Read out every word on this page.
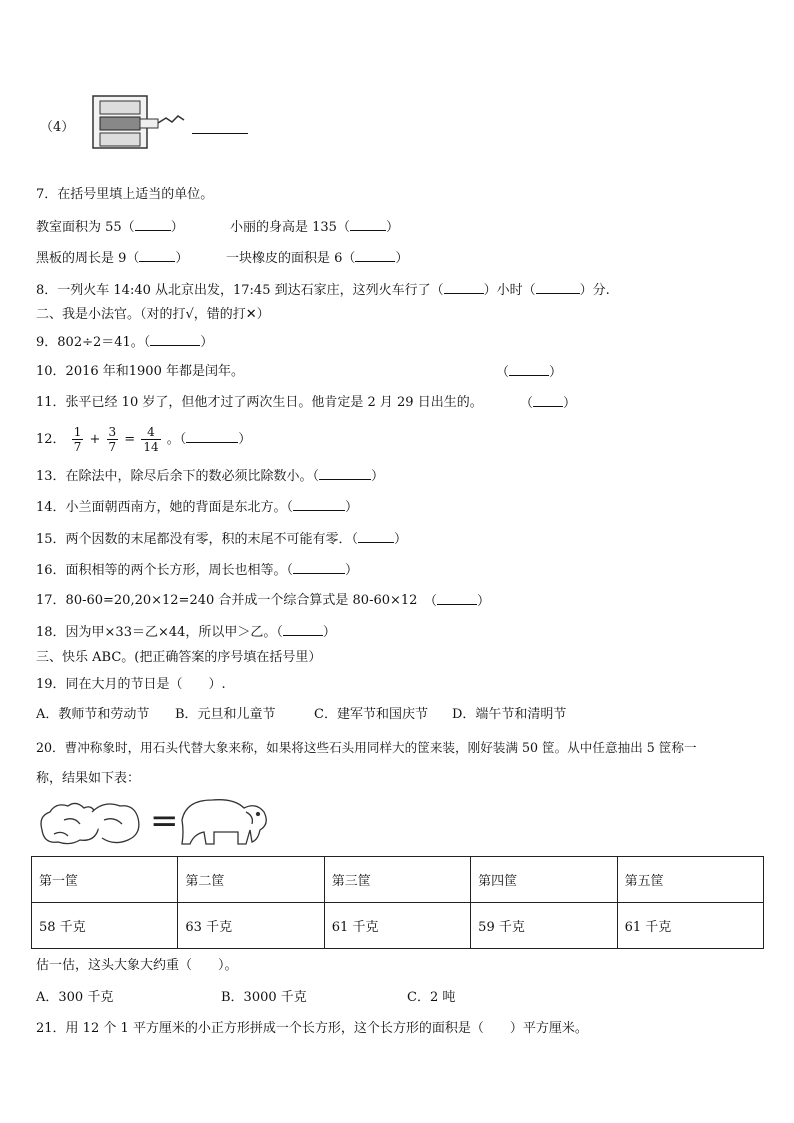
（4）
7．在括号里填上适当的单位。
教室面积为 55（	）	小丽的身高是 135（	）
黑板的周长是 9（	）	一块橡皮的面积是 6（	）
8．一列火车 14:40 从北京出发，17:45 到达石家庄，这列火车行了（	）小时（	）分.
二、我是小法官。（对的打√，错的打✕）
9．802÷2＝41。（	）
10．2016 年和1900 年都是闰年。	（	）
11．张平已经 10 岁了，但他才过了两次生日。他肯定是 2 月 29 日出生的。	（ ）
12． $\frac{1}{7} + \frac{3}{7} = \frac{4}{14}$ 。（	）
13．在除法中，除尽后余下的数必须比除数小。（	）
14．小兰面朝西南方，她的背面是东北方。（	）
15．两个因数的末尾都没有零，积的末尾不可能有零．（	）
16．面积相等的两个长方形，周长也相等。（	）
17．80-60=20,20×12=240 合并成一个综合算式是 80-60×12 （	）
18．因为甲×33＝乙×44，所以甲＞乙。（	）
三、快乐 ABC。(把正确答案的序号填在括号里）
19．同在大月的节日是（　　）.
A．教师节和劳动节 B．元旦和儿童节	C．建军节和国庆节 D．端午节和清明节
20．曹冲称象时，用石头代替大象来称，如果将这些石头用同样大的筐来装，刚好装满 50 筐。从中任意抽出 5 筐称一
称，结果如下表：
=
第一筐	第二筐	第三筐	第四筐	第五筐
58 千克	63 千克	61 千克	59 千克	61 千克
估一估，这头大象大约重（　　）。
A．300 千克	B．3000 千克	C．2 吨
21．用 12 个 1 平方厘米的小正方形拼成一个长方形，这个长方形的面积是（　　）平方厘米。
